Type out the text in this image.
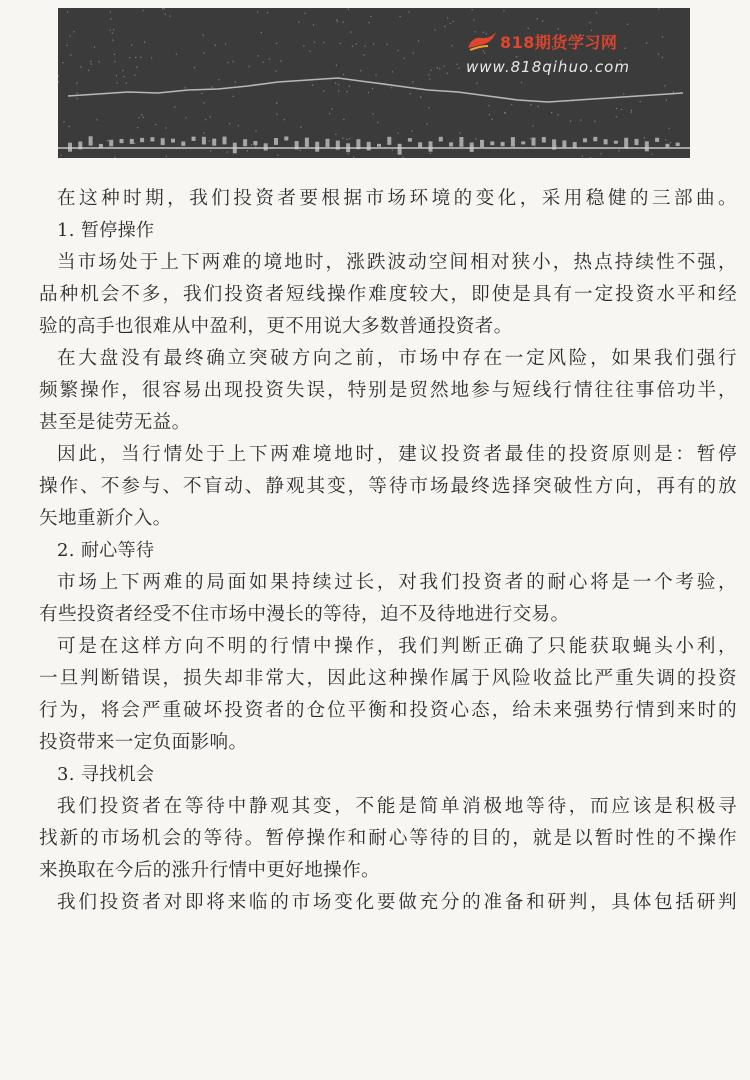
818期货学习网
www.818qihuo.com
在这种时期，我们投资者要根据市场环境的变化，采用稳健的三部曲。
1. 暂停操作
当市场处于上下两难的境地时，涨跌波动空间相对狭小，热点持续性不强，
品种机会不多，我们投资者短线操作难度较大，即使是具有一定投资水平和经
验的高手也很难从中盈利，更不用说大多数普通投资者。
在大盘没有最终确立突破方向之前，市场中存在一定风险，如果我们强行
频繁操作，很容易出现投资失误，特别是贸然地参与短线行情往往事倍功半，
甚至是徒劳无益。
因此，当行情处于上下两难境地时，建议投资者最佳的投资原则是：暂停
操作、不参与、不盲动、静观其变，等待市场最终选择突破性方向，再有的放
矢地重新介入。
2. 耐心等待
市场上下两难的局面如果持续过长，对我们投资者的耐心将是一个考验，
有些投资者经受不住市场中漫长的等待，迫不及待地进行交易。
可是在这样方向不明的行情中操作，我们判断正确了只能获取蝇头小利，
一旦判断错误，损失却非常大，因此这种操作属于风险收益比严重失调的投资
行为，将会严重破坏投资者的仓位平衡和投资心态，给未来强势行情到来时的
投资带来一定负面影响。
3. 寻找机会
我们投资者在等待中静观其变，不能是简单消极地等待，而应该是积极寻
找新的市场机会的等待。暂停操作和耐心等待的目的，就是以暂时性的不操作
来换取在今后的涨升行情中更好地操作。
我们投资者对即将来临的市场变化要做充分的准备和研判，具体包括研判
